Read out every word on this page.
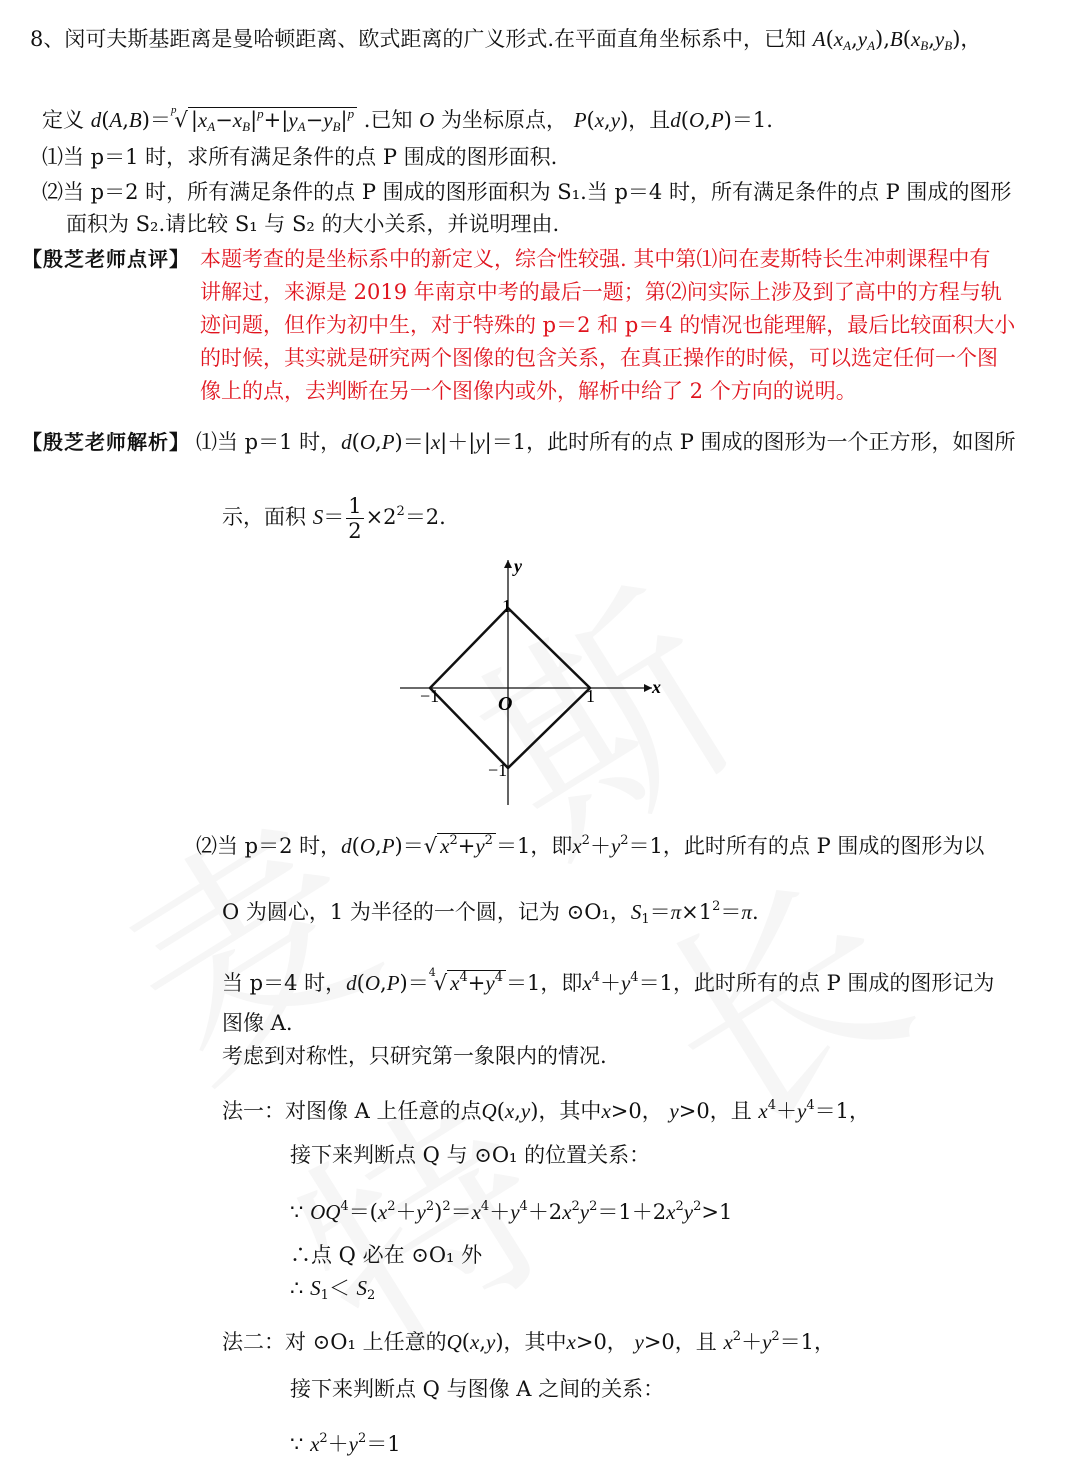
8、闵可夫斯基距离是曼哈顿距离、欧式距离的广义形式.在平面直角坐标系中，已知 $A(x_A,y_A),B(x_B,y_B)$，
定义 d(A,B)＝$^p$√ $|x_A-x_B|^p+|y_A-y_B|^p$ .已知 O 为坐标原点， P(x,y)，且d(O,P)＝1.
⑴当 p＝1 时，求所有满足条件的点 P 围成的图形面积.
⑵当 p＝2 时，所有满足条件的点 P 围成的图形面积为 S₁.当 p＝4 时，所有满足条件的点 P 围成的图形
面积为 S₂.请比较 S₁ 与 S₂ 的大小关系，并说明理由.
【殷芝老师点评】 本题考查的是坐标系中的新定义，综合性较强. 其中第⑴问在麦斯特长生冲刺课程中有
讲解过，来源是 2019 年南京中考的最后一题；第⑵问实际上涉及到了高中的方程与轨
迹问题，但作为初中生，对于特殊的 p＝2 和 p＝4 的情况也能理解，最后比较面积大小
的时候，其实就是研究两个图像的包含关系，在真正操作的时候，可以选定任何一个图
像上的点，去判断在另一个图像内或外，解析中给了 2 个方向的说明。
【殷芝老师解析】 ⑴当 p＝1 时，d(O,P)＝|x|＋|y|＝1，此时所有的点 P 围成的图形为一个正方形，如图所
示，面积 $S= \frac{1}{2} \times 2^2=2$.
y
x
O
1
1
−1
−1
⑵当 p＝2 时，d(O,P)＝√ $x^2+y^2 =1$，即$x^2+y^2=1$，此时所有的点 P 围成的图形为以
O 为圆心，1 为半径的一个圆，记为 ⊙O₁，$S_1=\pi\times 1^2=\pi$.
当 p＝4 时，d(O,P)＝$^4$√ $x^4+y^4 =1$，即$x^4+y^4=1$，此时所有的点 P 围成的图形记为
图像 A.
考虑到对称性，只研究第一象限内的情况.
法一：对图像 A 上任意的点Q(x,y)，其中x>0， y>0，且 $x^4+y^4=1$，
接下来判断点 Q 与 ⊙O₁ 的位置关系：
∵ $OQ^4=(x^2+y^2)^2=x^4+y^4+2x^2y^2=1+2x^2y^2>1$
∴点 Q 必在 ⊙O₁ 外
∴ $S_1< S_2$
法二：对 ⊙O₁ 上任意的Q(x,y)，其中x>0， y>0，且 $x^2+y^2=1$，
接下来判断点 Q 与图像 A 之间的关系：
∵ $x^2+y^2=1$
